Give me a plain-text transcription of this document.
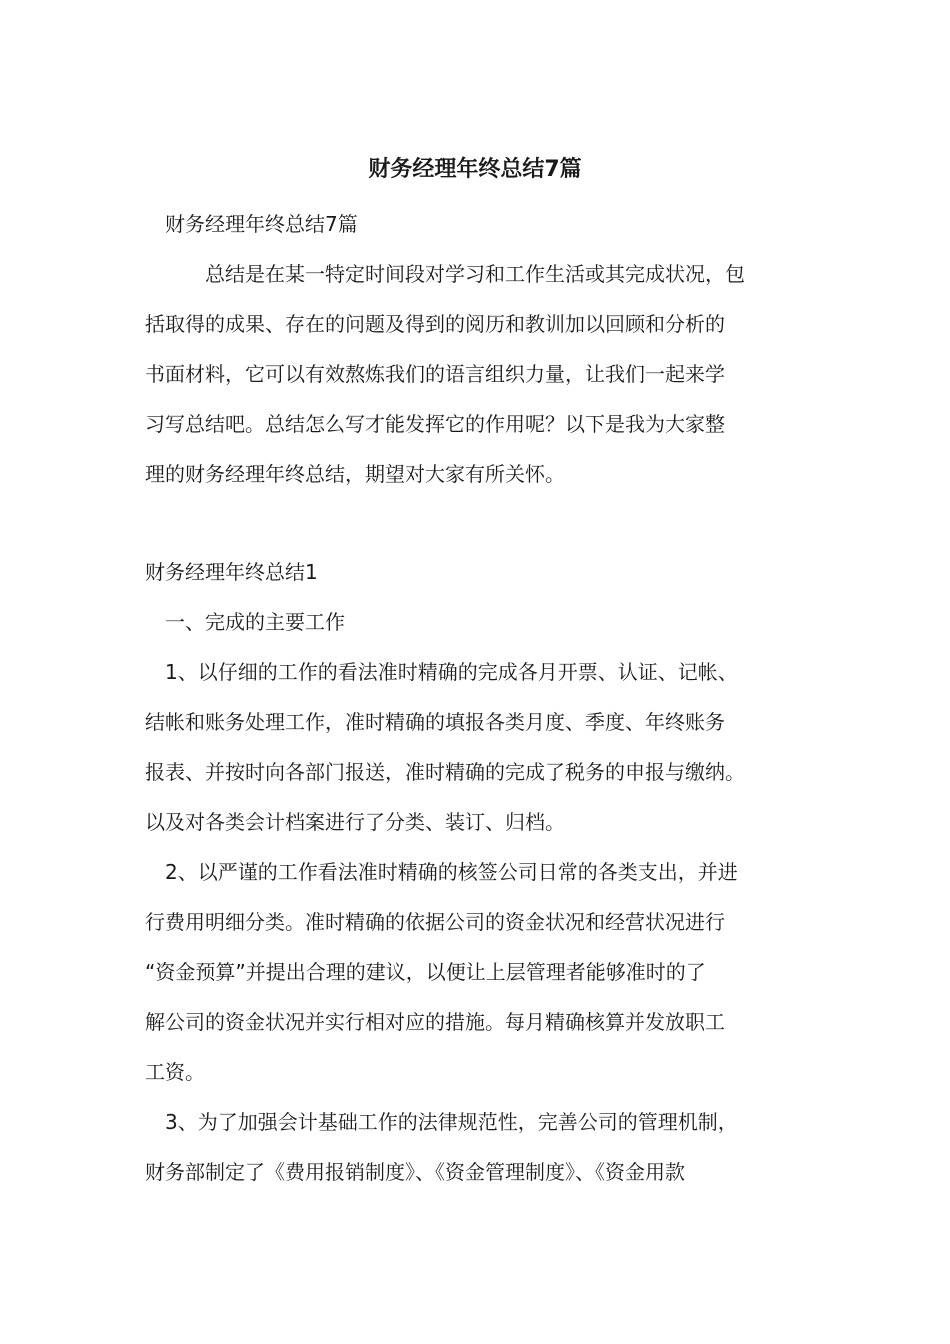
财务经理年终总结7篇

财务经理年终总结7篇

总结是在某一特定时间段对学习和工作生活或其完成状况，包

括取得的成果、存在的问题及得到的阅历和教训加以回顾和分析的

书面材料，它可以有效熬炼我们的语言组织力量，让我们一起来学

习写总结吧。总结怎么写才能发挥它的作用呢？以下是我为大家整

理的财务经理年终总结，期望对大家有所关怀。

财务经理年终总结1

一、完成的主要工作

1、以仔细的工作的看法准时精确的完成各月开票、认证、记帐、

结帐和账务处理工作，准时精确的填报各类月度、季度、年终账务

报表、并按时向各部门报送，准时精确的完成了税务的申报与缴纳。

以及对各类会计档案进行了分类、装订、归档。

2、以严谨的工作看法准时精确的核签公司日常的各类支出，并进

行费用明细分类。准时精确的依据公司的资金状况和经营状况进行

“资金预算”并提出合理的建议，以便让上层管理者能够准时的了

解公司的资金状况并实行相对应的措施。每月精确核算并发放职工

工资。

3、为了加强会计基础工作的法律规范性，完善公司的管理机制，

财务部制定了《费用报销制度》、《资金管理制度》、《资金用款
